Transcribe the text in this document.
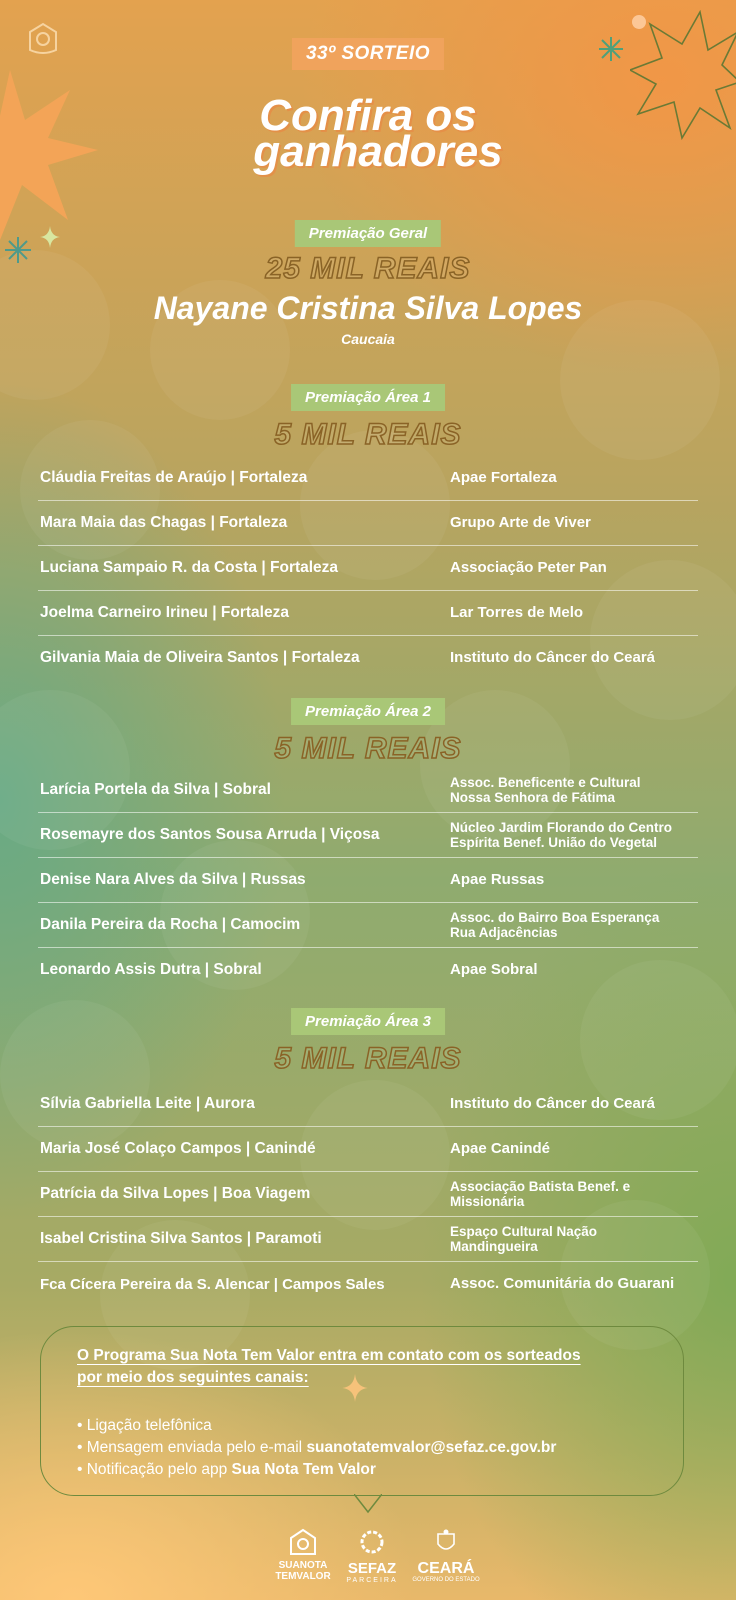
33º SORTEIO
Confira os
ganhadores
Premiação Geral
25 MIL REAIS
Nayane Cristina Silva Lopes
Caucaia
Premiação Área 1
5 MIL REAIS
Cláudia Freitas de Araújo | Fortaleza	Apae Fortaleza
Mara Maia das Chagas | Fortaleza	Grupo Arte de Viver
Luciana Sampaio R. da Costa | Fortaleza	Associação Peter Pan
Joelma Carneiro Irineu | Fortaleza	Lar Torres de Melo
Gilvania Maia de Oliveira Santos | Fortaleza	Instituto do Câncer do Ceará
Premiação Área 2
5 MIL REAIS
Larícia Portela da Silva | Sobral	Assoc. Beneficente e Cultural
Nossa Senhora de Fátima
Rosemayre dos Santos Sousa Arruda | Viçosa	Núcleo Jardim Florando do Centro
Espírita Benef. União do Vegetal
Denise Nara Alves da Silva | Russas	Apae Russas
Danila Pereira da Rocha | Camocim	Assoc. do Bairro Boa Esperança
Rua Adjacências
Leonardo Assis Dutra | Sobral	Apae Sobral
Premiação Área 3
5 MIL REAIS
Sílvia Gabriella Leite | Aurora	Instituto do Câncer do Ceará
Maria José Colaço Campos | Canindé	Apae Canindé
Patrícia da Silva Lopes | Boa Viagem	Associação Batista Benef. e
Missionária
Isabel Cristina Silva Santos | Paramoti	Espaço Cultural Nação
Mandingueira
Fca Cícera Pereira da S. Alencar | Campos Sales	Assoc. Comunitária do Guarani
O Programa Sua Nota Tem Valor entra em contato com os sorteados
por meio dos seguintes canais:
• Ligação telefônica
• Mensagem enviada pelo e-mail suanotatemvalor@sefaz.ce.gov.br
• Notificação pelo app Sua Nota Tem Valor
SUANOTA
TEMVALOR	SEFAZ
PARCEIRA
CEARÁ
GOVERNO DO ESTADO
